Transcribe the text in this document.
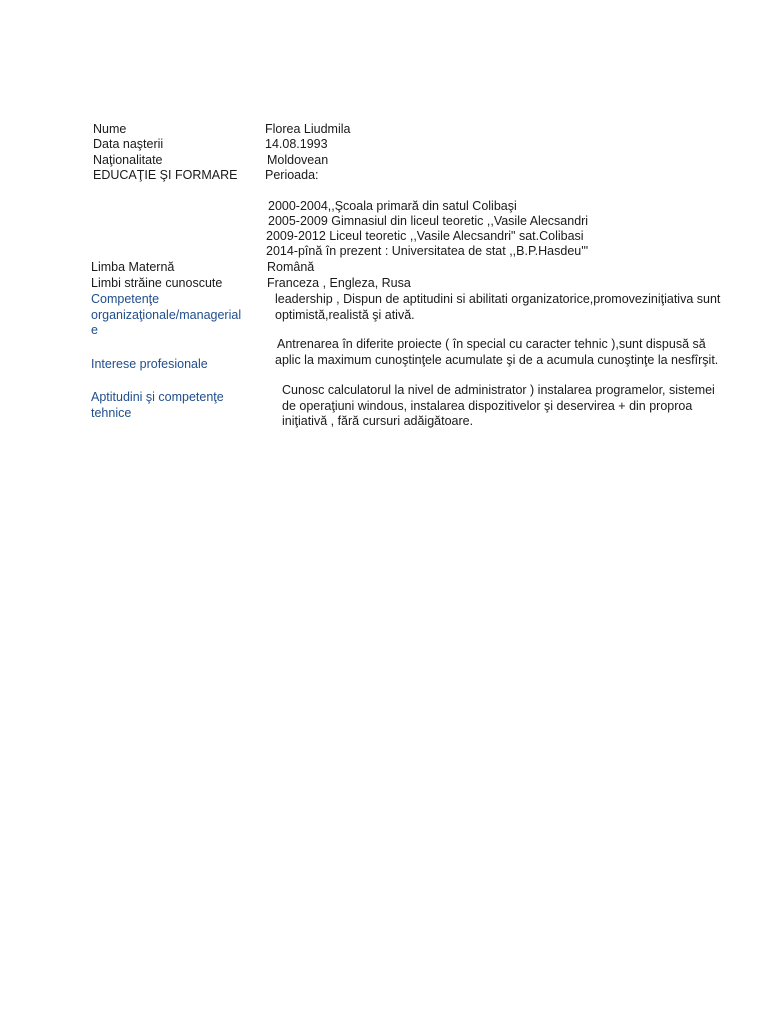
Nume
Data naşterii
Naţionalitate
EDUCAŢIE ŞI FORMARE
Limba Maternă
Limbi străine cunoscute
Competenţe
organizaţionale/managerial
e
Interese profesionale
Aptitudini şi competenţe
tehnice
Florea Liudmila
14.08.1993
Moldovean
Perioada:
2000-2004,,Şcoala primară din satul Colibaşi
2005-2009 Gimnasiul din liceul teoretic ,,Vasile Alecsandri
2009-2012 Liceul teoretic ,,Vasile Alecsandri" sat.Colibasi
2014-pînă în prezent : Universitatea de stat ,,B.P.Hasdeu'"
Română
Franceza , Engleza, Rusa
leadership , Dispun de aptitudini si abilitati organizatorice,promoveziniţiativa sunt
optimistă,realistă şi ativă.
Antrenarea în diferite proiecte ( în special cu caracter tehnic ),sunt dispusă să
aplic la maximum cunoştinţele acumulate şi de a acumula cunoştinţe la nesfîrşit.
Cunosc calculatorul la nivel de administrator ) instalarea programelor, sistemei
de operaţiuni windous, instalarea dispozitivelor şi deservirea + din proproa
iniţiativă , fără cursuri adăigătoare.
